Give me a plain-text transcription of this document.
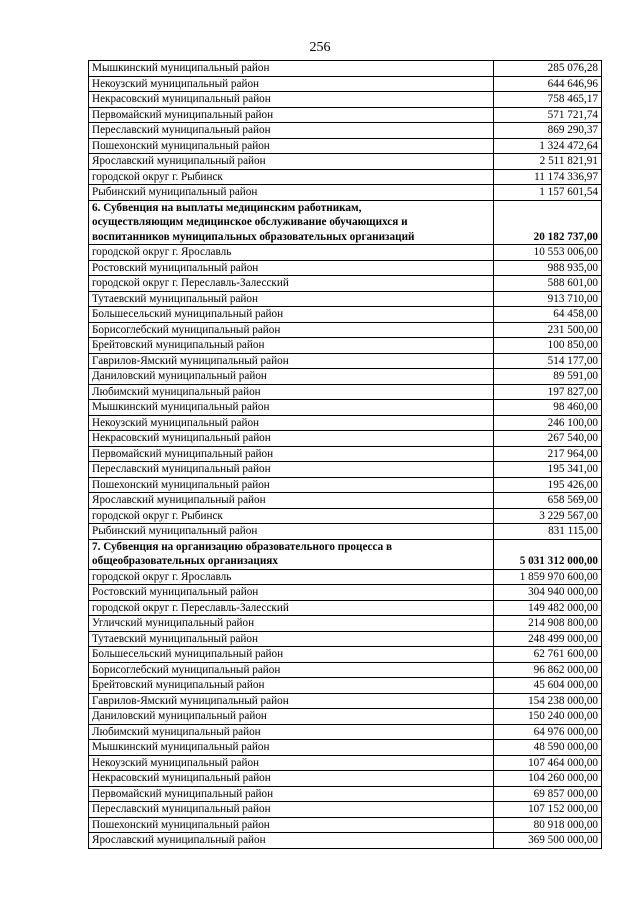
256
Мышкинский муниципальный район	285 076,28
Некоузский муниципальный район	644 646,96
Некрасовский муниципальный район	758 465,17
Первомайский муниципальный район	571 721,74
Переславский муниципальный район	869 290,37
Пошехонский муниципальный район	1 324 472,64
Ярославский муниципальный район	2 511 821,91
городской округ г. Рыбинск	11 174 336,97
Рыбинский муниципальный район	1 157 601,54
6. Субвенция на выплаты медицинским работникам,
осуществляющим медицинское обслуживание обучающихся и
воспитанников муниципальных образовательных организаций	20 182 737,00
городской округ г. Ярославль	10 553 006,00
Ростовский муниципальный район	988 935,00
городской округ г. Переславль-Залесский	588 601,00
Тутаевский муниципальный район	913 710,00
Большесельский муниципальный район	64 458,00
Борисоглебский муниципальный район	231 500,00
Брейтовский муниципальный район	100 850,00
Гаврилов-Ямский муниципальный район	514 177,00
Даниловский муниципальный район	89 591,00
Любимский муниципальный район	197 827,00
Мышкинский муниципальный район	98 460,00
Некоузский муниципальный район	246 100,00
Некрасовский муниципальный район	267 540,00
Первомайский муниципальный район	217 964,00
Переславский муниципальный район	195 341,00
Пошехонский муниципальный район	195 426,00
Ярославский муниципальный район	658 569,00
городской округ г. Рыбинск	3 229 567,00
Рыбинский муниципальный район	831 115,00
7. Субвенция на организацию образовательного процесса в
общеобразовательных организациях	5 031 312 000,00
городской округ г. Ярославль	1 859 970 600,00
Ростовский муниципальный район	304 940 000,00
городской округ г. Переславль-Залесский	149 482 000,00
Угличский муниципальный район	214 908 800,00
Тутаевский муниципальный район	248 499 000,00
Большесельский муниципальный район	62 761 600,00
Борисоглебский муниципальный район	96 862 000,00
Брейтовский муниципальный район	45 604 000,00
Гаврилов-Ямский муниципальный район	154 238 000,00
Даниловский муниципальный район	150 240 000,00
Любимский муниципальный район	64 976 000,00
Мышкинский муниципальный район	48 590 000,00
Некоузский муниципальный район	107 464 000,00
Некрасовский муниципальный район	104 260 000,00
Первомайский муниципальный район	69 857 000,00
Переславский муниципальный район	107 152 000,00
Пошехонский муниципальный район	80 918 000,00
Ярославский муниципальный район	369 500 000,00
